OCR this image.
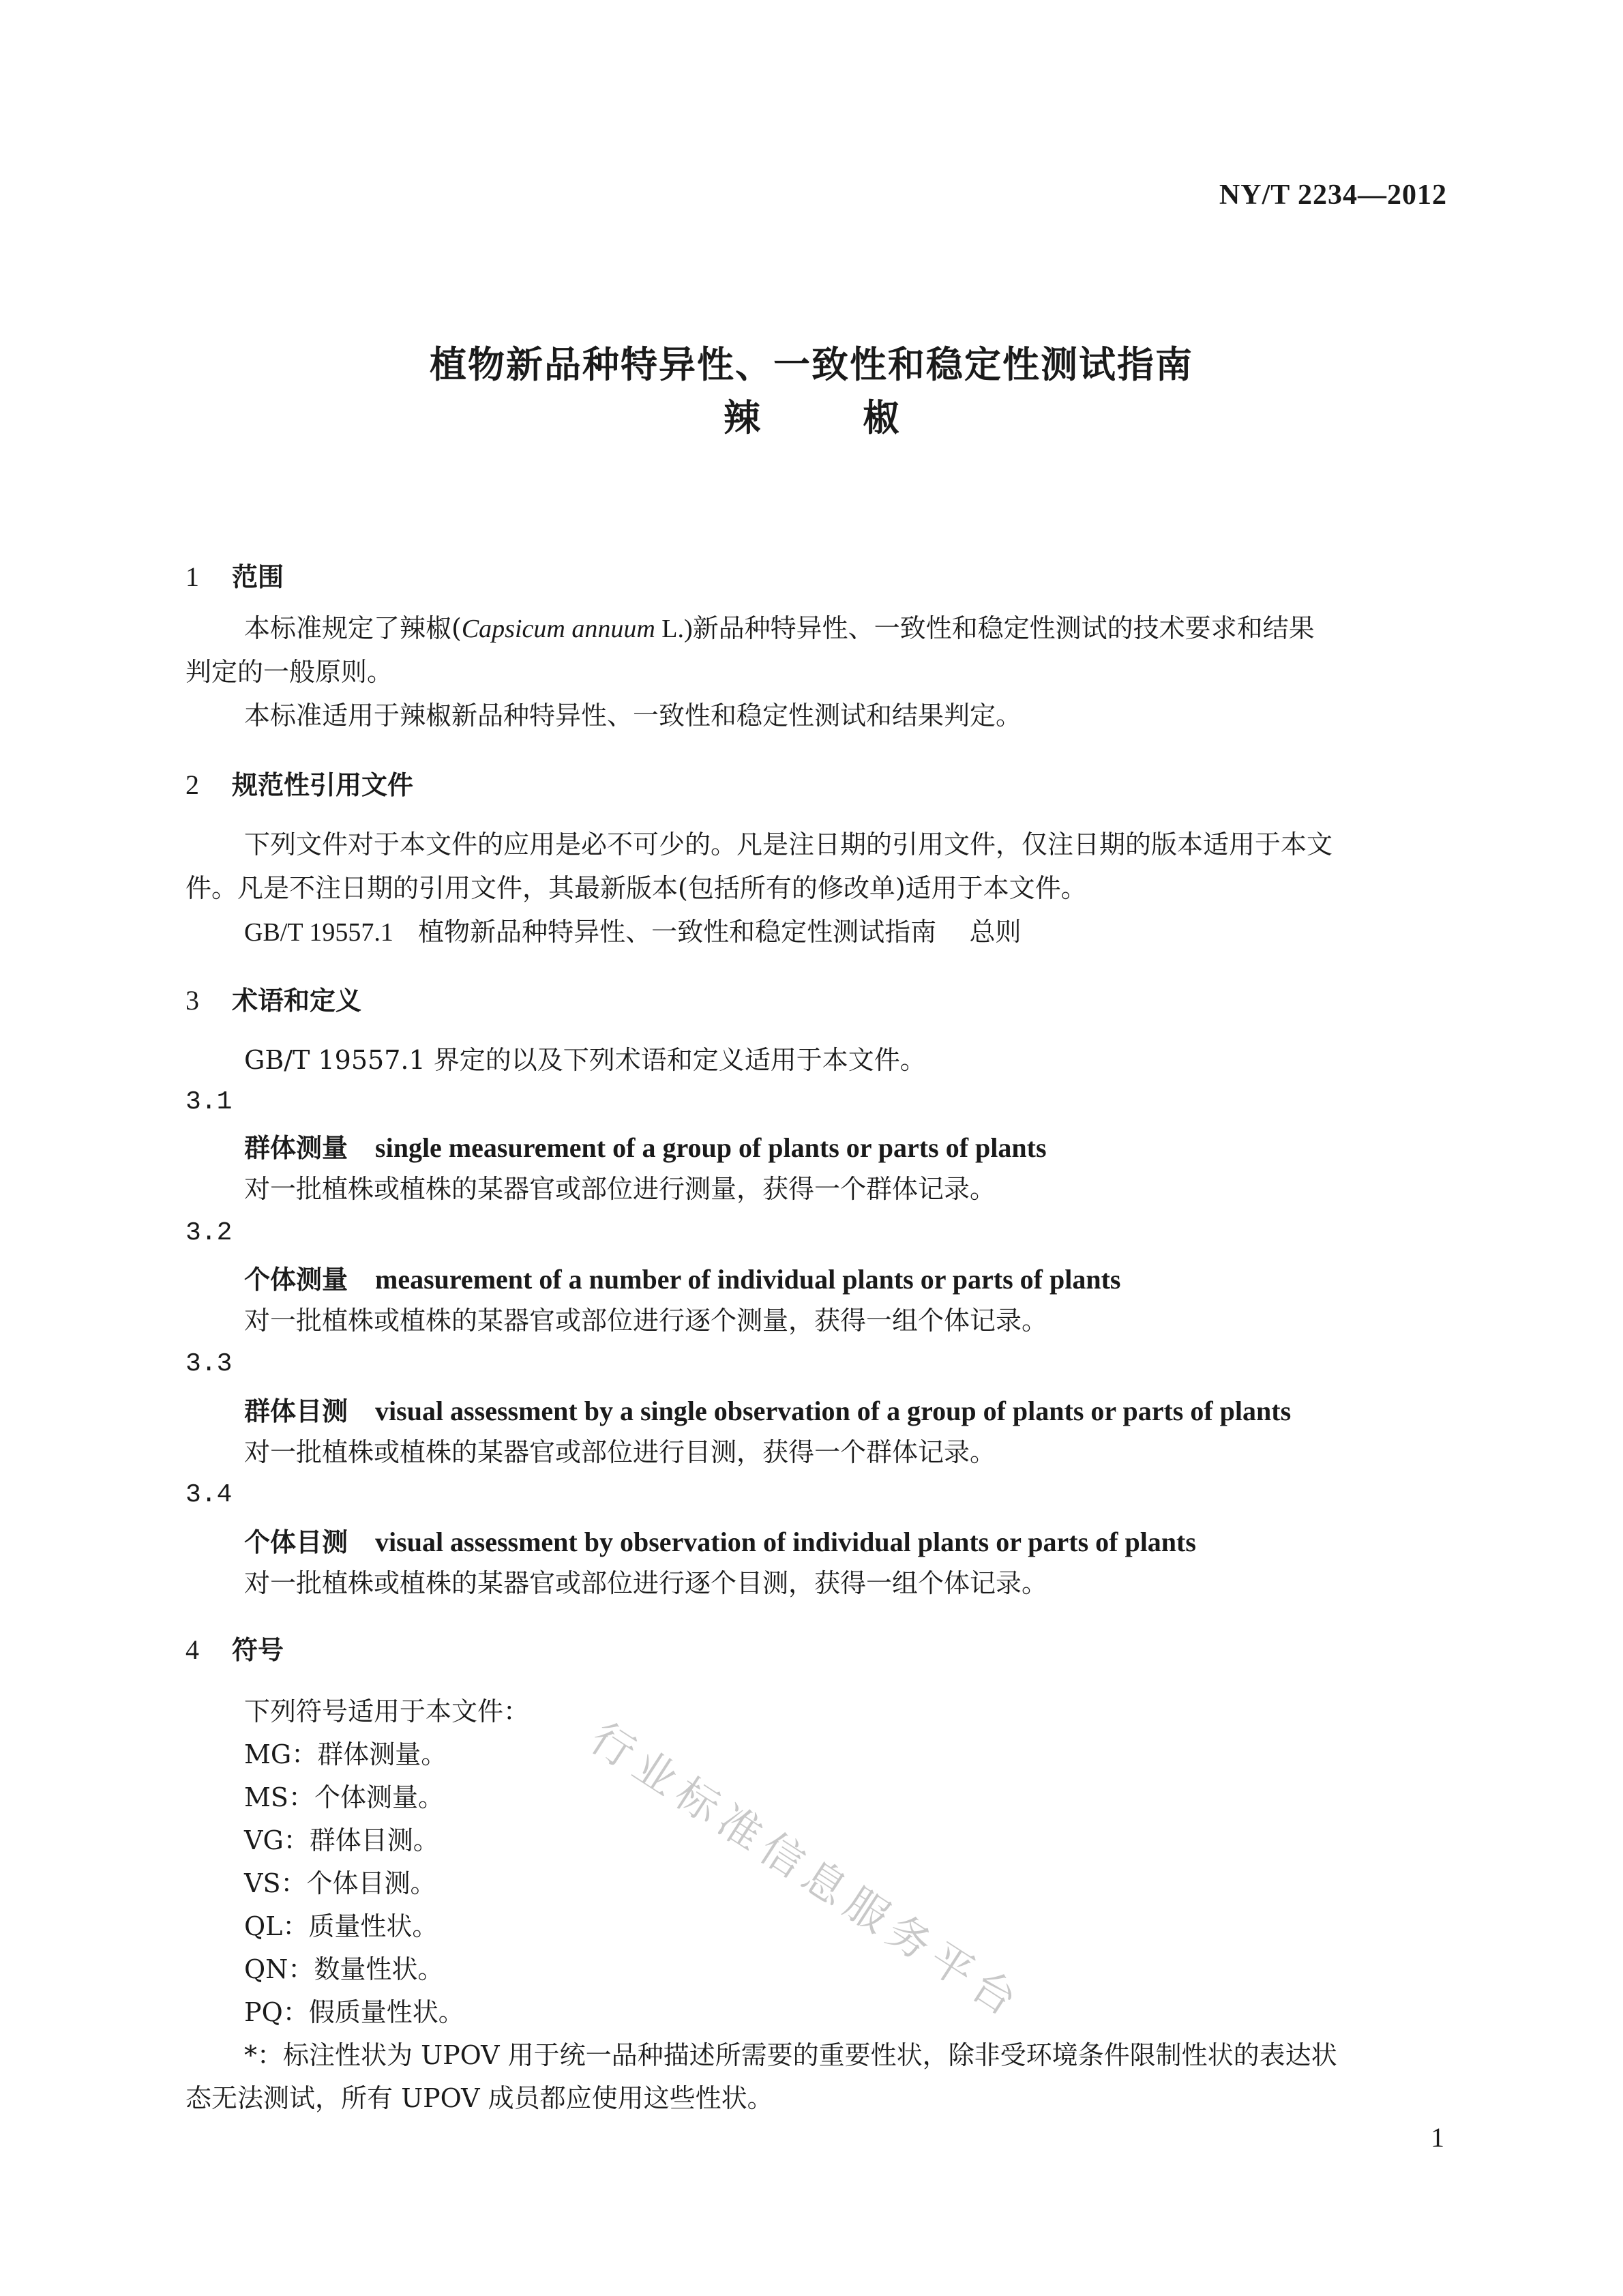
NY/T 2234—2012
植物新品种特异性、一致性和稳定性测试指南
辣	椒
1 范围
本标准规定了辣椒(Capsicum annuum L.)新品种特异性、一致性和稳定性测试的技术要求和结果
判定的一般原则。
本标准适用于辣椒新品种特异性、一致性和稳定性测试和结果判定。
2 规范性引用文件
下列文件对于本文件的应用是必不可少的。凡是注日期的引用文件，仅注日期的版本适用于本文
件。凡是不注日期的引用文件，其最新版本(包括所有的修改单)适用于本文件。
GB/T 19557.1 植物新品种特异性、一致性和稳定性测试指南 总则
3 术语和定义
GB/T 19557.1 界定的以及下列术语和定义适用于本文件。
3.1
群体测量 single measurement of a group of plants or parts of plants
对一批植株或植株的某器官或部位进行测量，获得一个群体记录。
3.2
个体测量 measurement of a number of individual plants or parts of plants
对一批植株或植株的某器官或部位进行逐个测量，获得一组个体记录。
3.3
群体目测 visual assessment by a single observation of a group of plants or parts of plants
对一批植株或植株的某器官或部位进行目测，获得一个群体记录。
3.4
个体目测 visual assessment by observation of individual plants or parts of plants
对一批植株或植株的某器官或部位进行逐个目测，获得一组个体记录。
4 符号
下列符号适用于本文件：
MG：群体测量。
MS：个体测量。
VG：群体目测。
VS：个体目测。
QL：质量性状。
QN：数量性状。
PQ：假质量性状。
*：标注性状为 UPOV 用于统一品种描述所需要的重要性状，除非受环境条件限制性状的表达状
态无法测试，所有 UPOV 成员都应使用这些性状。
行业标准信息服务平台
1
